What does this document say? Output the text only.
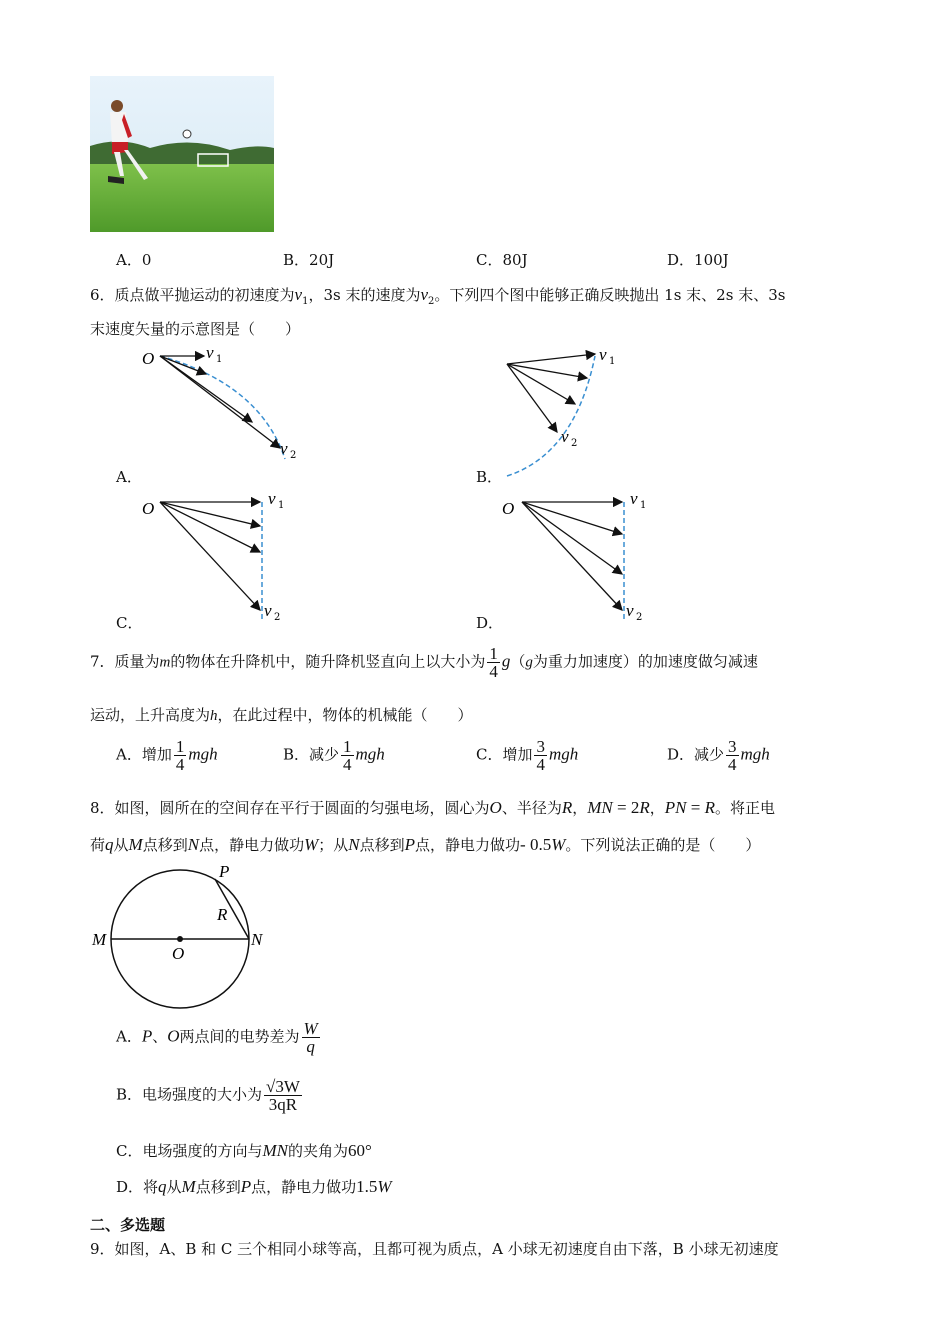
A．0	B．20J	C．80J	D．100J
6．质点做平抛运动的初速度为$v_1$，3s 末的速度为$v_2$。下列四个图中能够正确反映抛出 1s 末、2s 末、3s
末速度矢量的示意图是（　　）
O	v 1
v 2
A．
v 1
v 2
B．
O
v 1
v 2
C．
O
v 1
v 2
D．
7．质量为m的物体在升降机中，随升降机竖直向上以大小为 $\frac{1}{4} g(g$为重力加速度）的加速度做匀减速
运动，上升高度为h，在此过程中，物体的机械能（　　）
A．增加 $\frac{1}{4}$ mgh	B．减少 $\frac{1}{4}$ mgh	C．增加 $\frac{3}{4}$ mgh	D．减少 $\frac{3}{4}$ mgh
8．如图，圆所在的空间存在平行于圆面的匀强电场，圆心为O、半径为R，MN = 2R，PN = R。将正电
荷q从M点移到N点，静电力做功W；从N点移到P点，静电力做功- 0.5W。下列说法正确的是（　　）
P
R
M
O
N
A．P、O两点间的电势差为 $\frac{W}{q}$
B．电场强度的大小为 $\frac{√3W}{3qR}$
C．电场强度的方向与MN的夹角为60°
D．将q从M点移到P点，静电力做功1.5W
二、多选题
9．如图，A、B 和 C 三个相同小球等高，且都可视为质点，A 小球无初速度自由下落，B 小球无初速度
